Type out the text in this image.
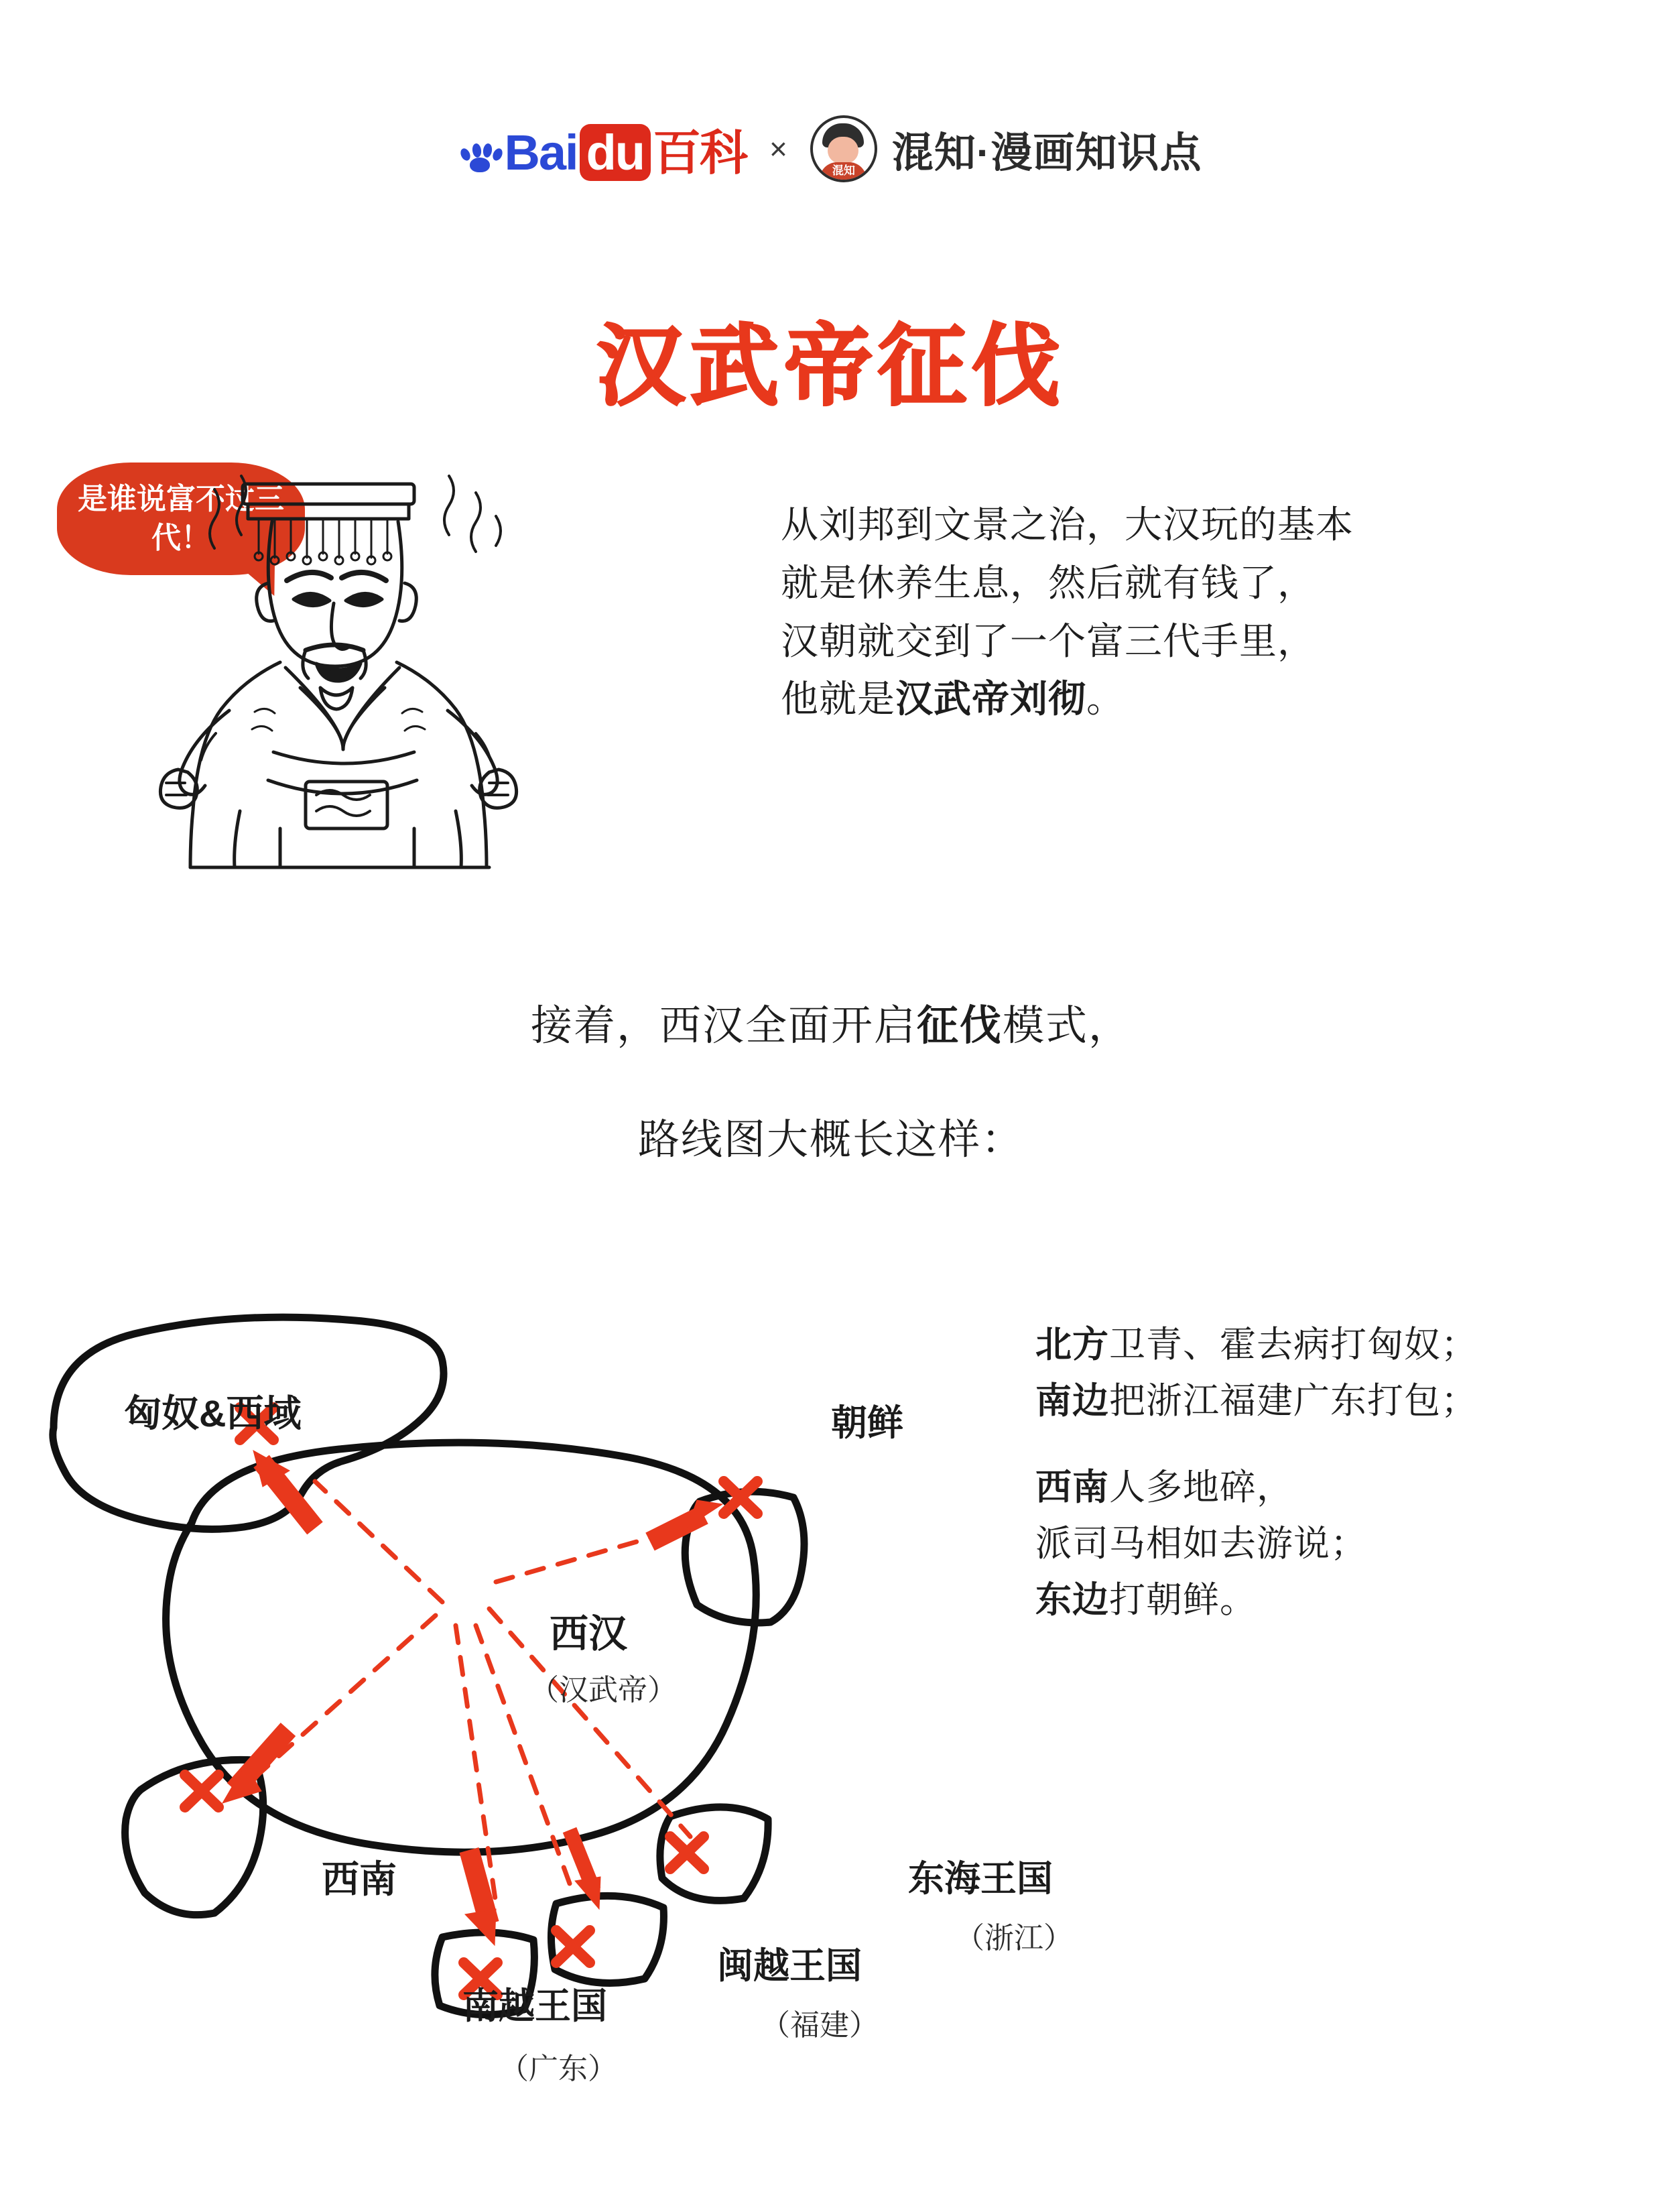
Bai du 百科 ×
混知 混知·漫画知识点
汉武帝征伐
是谁说富不过三代！	从刘邦到文景之治，大汉玩的基本
就是休养生息，然后就有钱了，
汉朝就交到了一个富三代手里，
他就是汉武帝刘彻。
接着，西汉全面开启征伐模式，
路线图大概长这样：
匈奴&西域	朝鲜
西汉
（汉武帝）
西南
南越王国
（广东）
闽越王国
（福建）
东海王国
（浙江）
北方卫青、霍去病打匈奴；
南边把浙江福建广东打包；
西南人多地碎，
派司马相如去游说；
东边打朝鲜。
